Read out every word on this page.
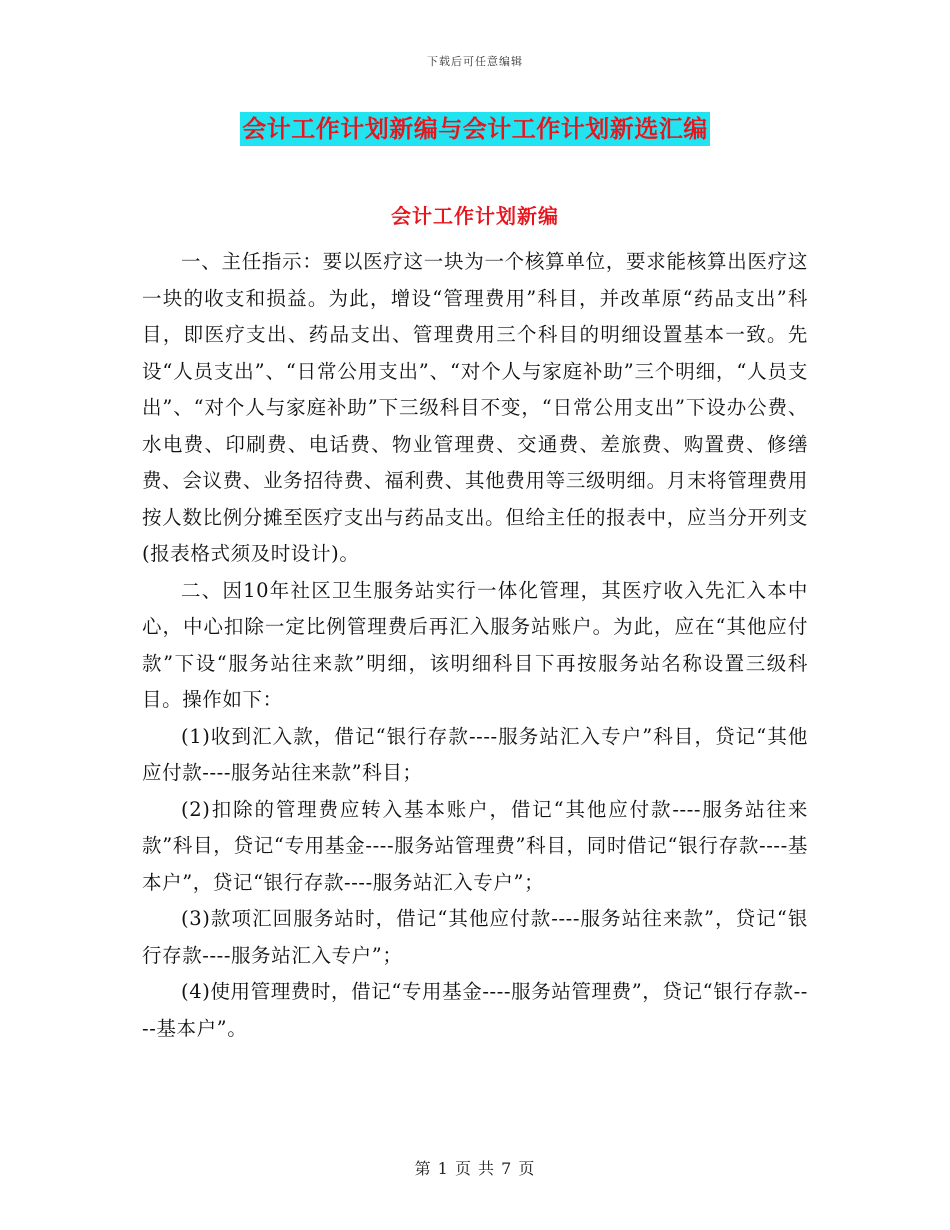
下载后可任意编辑
会计工作计划新编与会计工作计划新选汇编
会计工作计划新编

一、主任指示：要以医疗这一块为一个核算单位，要求能核算出医疗这一块的收支和损益。为此，增设“管理费用”科目，并改革原“药品支出”科目，即医疗支出、药品支出、管理费用三个科目的明细设置基本一致。先设“人员支出”、“日常公用支出”、“对个人与家庭补助”三个明细，“人员支出”、“对个人与家庭补助”下三级科目不变，“日常公用支出”下设办公费、水电费、印刷费、电话费、物业管理费、交通费、差旅费、购置费、修缮费、会议费、业务招待费、福利费、其他费用等三级明细。月末将管理费用按人数比例分摊至医疗支出与药品支出。但给主任的报表中，应当分开列支(报表格式须及时设计)。

二、因10年社区卫生服务站实行一体化管理，其医疗收入先汇入本中心，中心扣除一定比例管理费后再汇入服务站账户。为此，应在“其他应付款”下设“服务站往来款”明细，该明细科目下再按服务站名称设置三级科目。操作如下：

(1)收到汇入款，借记“银行存款----服务站汇入专户”科目，贷记“其他应付款----服务站往来款”科目；

(2)扣除的管理费应转入基本账户，借记“其他应付款----服务站往来款”科目，贷记“专用基金----服务站管理费”科目，同时借记“银行存款----基本户”，贷记“银行存款----服务站汇入专户”；

(3)款项汇回服务站时，借记“其他应付款----服务站往来款”，贷记“银行存款----服务站汇入专户”；

(4)使用管理费时，借记“专用基金----服务站管理费”，贷记“银行存款----基本户”。

第 1 页 共 7 页
